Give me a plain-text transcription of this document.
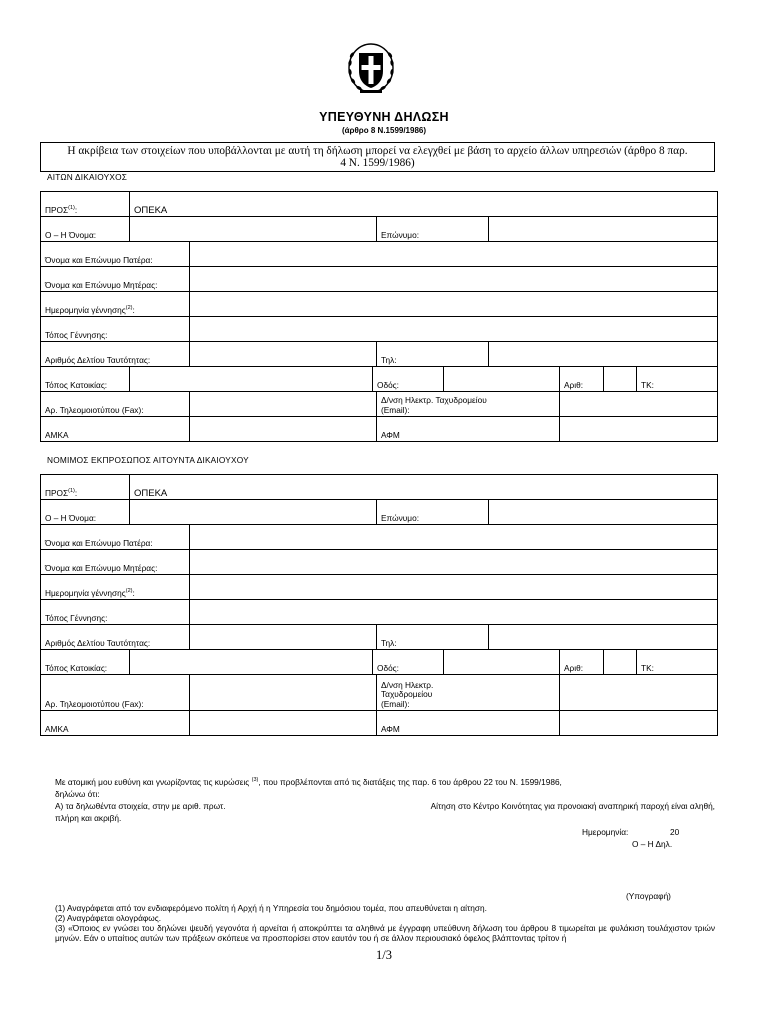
ΥΠΕΥΘΥΝΗ ΔΗΛΩΣΗ
(άρθρο 8 Ν.1599/1986)
Η ακρίβεια των στοιχείων που υποβάλλονται με αυτή τη δήλωση μπορεί να ελεγχθεί με βάση το αρχείο άλλων υπηρεσιών (άρθρο 8 παρ.
4 Ν. 1599/1986)
ΑΙΤΩΝ ΔΙΚΑΙΟΥΧΟΣ
ΠΡΟΣ$^{(1)}$:	ΟΠΕΚΑ								
Ο – Η Όνομα:				Επώνυμο:					
Όνομα και Επώνυμο Πατέρα:									
Όνομα και Επώνυμο Μητέρας:									
Ημερομηνία γέννησης$^{(2)}$:									
Τόπος Γέννησης:									
Αριθμός Δελτίου Ταυτότητας:				Τηλ:					
Τόπος Κατοικίας:			Οδός:				Αριθ:		ΤΚ:
Αρ. Τηλεομοιοτύπου (Fax):				Δ/νση Ηλεκτρ. Ταχυδρομείου
(Email):					

ΑΜΚΑ				ΑΦΜ					
ΝΟΜΙΜΟΣ ΕΚΠΡΟΣΩΠΟΣ ΑΙΤΟΥΝΤΑ ΔΙΚΑΙΟΥΧΟΥ
ΠΡΟΣ$^{(1)}$:	ΟΠΕΚΑ								
Ο – Η Όνομα:				Επώνυμο:					
Όνομα και Επώνυμο Πατέρα:									
Όνομα και Επώνυμο Μητέρας:									
Ημερομηνία γέννησης$^{(2)}$:									
Τόπος Γέννησης:									
Αριθμός Δελτίου Ταυτότητας:				Τηλ:					
Τόπος Κατοικίας:			Οδός:				Αριθ:		ΤΚ:
Αρ. Τηλεομοιοτύπου (Fax):				Δ/νση Ηλεκτρ.
Ταχυδρομείου
(Email):					

ΑΜΚΑ				ΑΦΜ					
Με ατομική μου ευθύνη και γνωρίζοντας τις κυρώσεις $^{(3)}$, που προβλέπονται από τις διατάξεις της παρ. 6 του άρθρου 22 του Ν. 1599/1986,
δηλώνω ότι:
Α) τα δηλωθέντα στοιχεία, στην με αριθ. πρωτ.	Αίτηση στο Κέντρο Κοινότητας για προνοιακή αναπηρική παροχή είναι αληθή,
πλήρη και ακριβή.
Ημερομηνία:	20
Ο – Η Δηλ.
(Υπογραφή)
(1) Αναγράφεται από τον ενδιαφερόμενο πολίτη ή Αρχή ή η Υπηρεσία του δημόσιου τομέα, που απευθύνεται η αίτηση.
(2) Αναγράφεται ολογράφως.
(3) «Όποιος εν γνώσει του δηλώνει ψευδή γεγονότα ή αρνείται ή αποκρύπτει τα αληθινά με έγγραφη υπεύθυνη δήλωση του άρθρου 8 τιμωρείται με φυλάκιση τουλάχιστον τριών μηνών. Εάν ο υπαίτιος αυτών των πράξεων σκόπευε να προσπορίσει στον εαυτόν του ή σε άλλον περιουσιακό όφελος βλάπτοντας τρίτον ή
1/3
